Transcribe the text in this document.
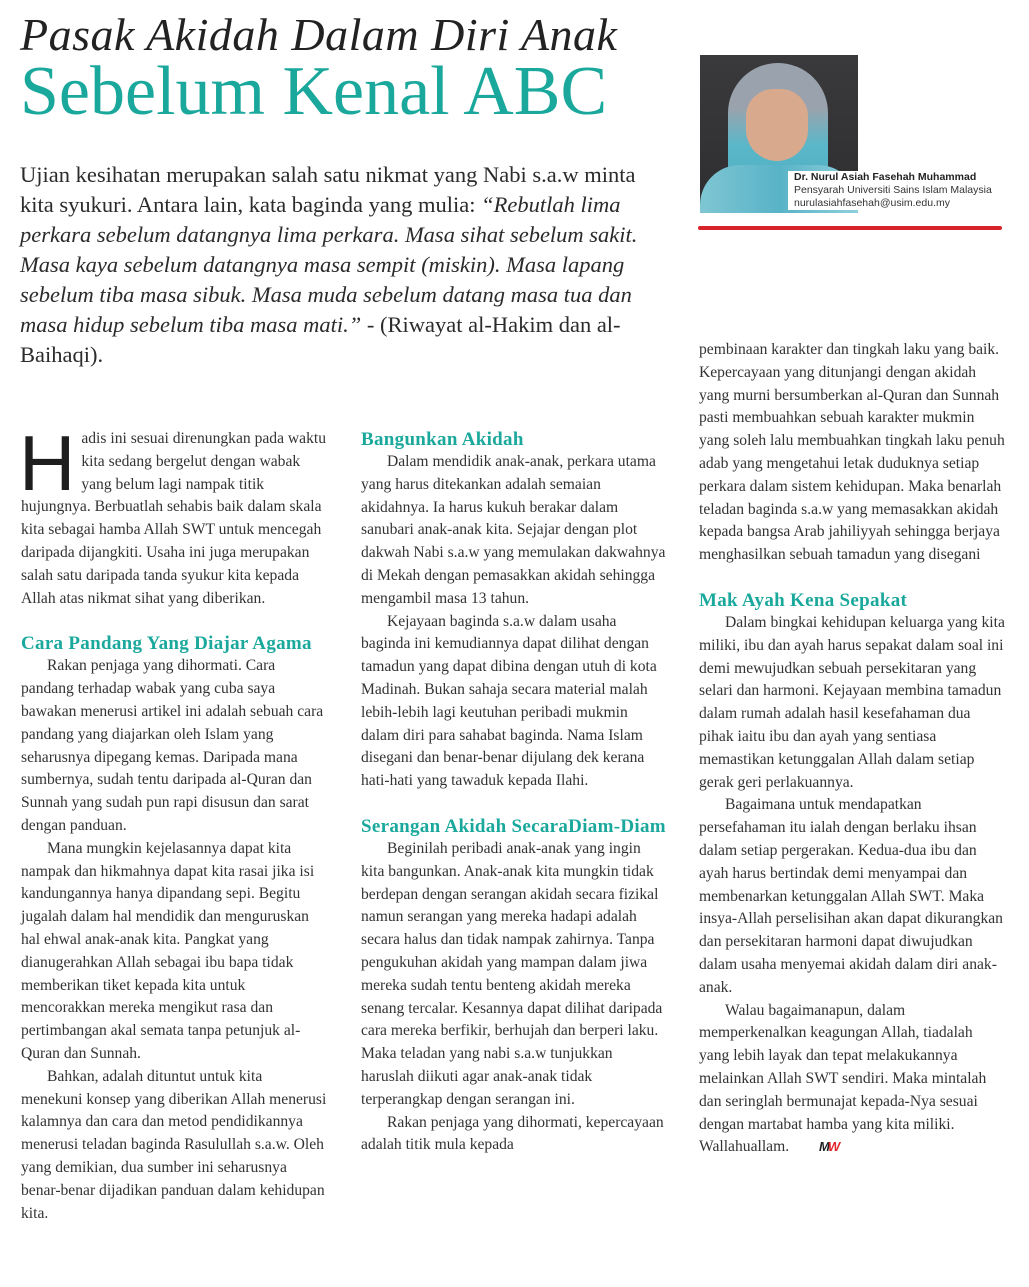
Pasak Akidah Dalam Diri Anak
Sebelum Kenal ABC
Ujian kesihatan merupakan salah satu nikmat yang Nabi s.a.w minta kita syukuri. Antara lain, kata baginda yang mulia: “Rebutlah lima perkara sebelum datangnya lima perkara. Masa sihat sebelum sakit. Masa kaya sebelum datangnya masa sempit (miskin). Masa lapang sebelum tiba masa sibuk. Masa muda sebelum datang masa tua dan masa hidup sebelum tiba masa mati.” - (Riwayat al-Hakim dan al-Baihaqi).
Dr. Nurul Asiah Fasehah Muhammad
Pensyarah Universiti Sains Islam Malaysia
nurulasiahfasehah@usim.edu.my

Hadis ini sesuai direnungkan pada waktu kita sedang bergelut dengan wabak yang belum lagi nampak titik hujungnya. Berbuatlah sehabis baik dalam skala kita sebagai hamba Allah SWT untuk mencegah daripada dijangkiti. Usaha ini juga merupakan salah satu daripada tanda syukur kita kepada Allah atas nikmat sihat yang diberikan.

Cara Pandang Yang Diajar Agama

Rakan penjaga yang dihormati. Cara pandang terhadap wabak yang cuba saya bawakan menerusi artikel ini adalah sebuah cara pandang yang diajarkan oleh Islam yang seharusnya dipegang kemas. Daripada mana sumbernya, sudah tentu daripada al-Quran dan Sunnah yang sudah pun rapi disusun dan sarat dengan panduan.

Mana mungkin kejelasannya dapat kita nampak dan hikmahnya dapat kita rasai jika isi kandungannya hanya dipandang sepi. Begitu jugalah dalam hal mendidik dan menguruskan hal ehwal anak-anak kita. Pangkat yang dianugerahkan Allah sebagai ibu bapa tidak memberikan tiket kepada kita untuk mencorakkan mereka mengikut rasa dan pertimbangan akal semata tanpa petunjuk al-Quran dan Sunnah.

Bahkan, adalah dituntut untuk kita menekuni konsep yang diberikan Allah menerusi kalamnya dan cara dan metod pendidikannya menerusi teladan baginda Rasulullah s.a.w. Oleh yang demikian, dua sumber ini seharusnya benar-benar dijadikan panduan dalam kehidupan kita.

Bangunkan Akidah

Dalam mendidik anak-anak, perkara utama yang harus ditekankan adalah semaian akidahnya. Ia harus kukuh berakar dalam sanubari anak-anak kita. Sejajar dengan plot dakwah Nabi s.a.w yang memulakan dakwahnya di Mekah dengan pemasakkan akidah sehingga mengambil masa 13 tahun.

Kejayaan baginda s.a.w dalam usaha baginda ini kemudiannya dapat dilihat dengan tamadun yang dapat dibina dengan utuh di kota Madinah. Bukan sahaja secara material malah lebih-lebih lagi keutuhan peribadi mukmin dalam diri para sahabat baginda. Nama Islam disegani dan benar-benar dijulang dek kerana hati-hati yang tawaduk kepada Ilahi.

Serangan Akidah SecaraDiam-Diam

Beginilah peribadi anak-anak yang ingin kita bangunkan. Anak-anak kita mungkin tidak berdepan dengan serangan akidah secara fizikal namun serangan yang mereka hadapi adalah secara halus dan tidak nampak zahirnya. Tanpa pengukuhan akidah yang mampan dalam jiwa mereka sudah tentu benteng akidah mereka senang tercalar. Kesannya dapat dilihat daripada cara mereka berfikir, berhujah dan berperi laku. Maka teladan yang nabi s.a.w tunjukkan haruslah diikuti agar anak-anak tidak terperangkap dengan serangan ini.

Rakan penjaga yang dihormati, kepercayaan adalah titik mula kepada

pembinaan karakter dan tingkah laku yang baik. Kepercayaan yang ditunjangi dengan akidah yang murni bersumberkan al-Quran dan Sunnah pasti membuahkan sebuah karakter mukmin yang soleh lalu membuahkan tingkah laku penuh adab yang mengetahui letak duduknya setiap perkara dalam sistem kehidupan. Maka benarlah teladan baginda s.a.w yang memasakkan akidah kepada bangsa Arab jahiliyyah sehingga berjaya menghasilkan sebuah tamadun yang disegani

Mak Ayah Kena Sepakat

Dalam bingkai kehidupan keluarga yang kita miliki, ibu dan ayah harus sepakat dalam soal ini demi mewujudkan sebuah persekitaran yang selari dan harmoni. Kejayaan membina tamadun dalam rumah adalah hasil kesefahaman dua pihak iaitu ibu dan ayah yang sentiasa memastikan ketunggalan Allah dalam setiap gerak geri perlakuannya.

Bagaimana untuk mendapatkan persefahaman itu ialah dengan berlaku ihsan dalam setiap pergerakan. Kedua-dua ibu dan ayah harus bertindak demi menyampai dan membenarkan ketunggalan Allah SWT. Maka insya-Allah perselisihan akan dapat dikurangkan dan persekitaran harmoni dapat diwujudkan dalam usaha menyemai akidah dalam diri anak-anak.

Walau bagaimanapun, dalam memperkenalkan keagungan Allah, tiadalah yang lebih layak dan tepat melakukannya melainkan Allah SWT sendiri. Maka mintalah dan seringlah bermunajat kepada-Nya sesuai dengan martabat hamba yang kita miliki. Wallahuallam. MW
